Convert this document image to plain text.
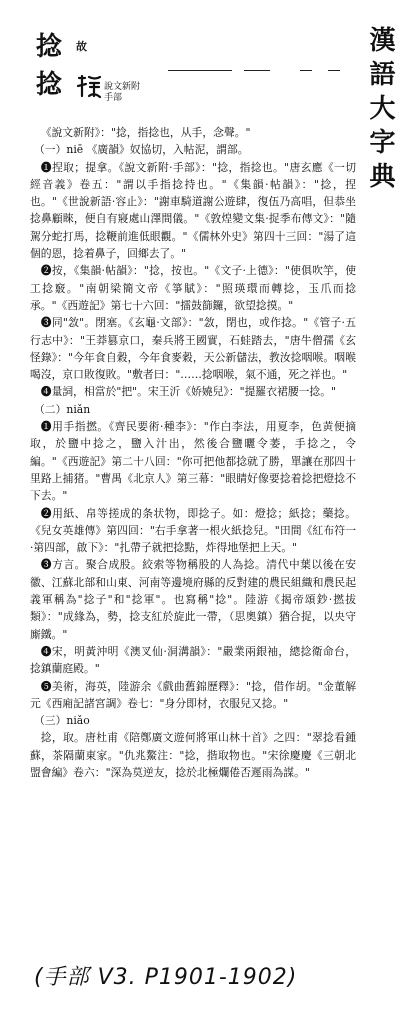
捻 故
捻	說文新附
手部	漢語大字典

《說文新附》："捻，指捻也，从手，念聲。"

（一）niē 《廣韻》奴協切，入帖泥，謂部。

❶捏取；提拿。《說文新附·手部》："捻，指捻也。"唐玄應《一切經音義》卷五："謂以手指捻持也。"《集韻·帖韻》："捻，捏也。"《世說新語·容止》："謝車騎道謝公遊肆，復伍乃高唱，但恭坐捻鼻顧睞，便自有寢處山澤間儀。"《敦煌變文集·捉季布傳文》："隨駕分蛇打馬，捻鞭前進低眼觀。"《儒林外史》第四十三回："湯了這個的恩，捻着鼻子，回鄉去了。"

❷按，《集韻·帖韻》："捻，按也。"《文子·上德》："使俱吹竽，使工捻竅。"南朝梁簡文帝《箏賦》："照瑛環而轉捻，玉爪而捻承。"《西遊記》第七十六回："擂鼓篩鑼，欲望捻摸。"

❸同"敜"。閉塞。《玄龜·文部》："敜，閉也，或作捻。"《管子·五行志中》："王莽篡京口，秦兵將王國實，石蛙踏去，"唐牛僧孺《玄怪錄》："今年食自穀，今年食麥穀，天公新儲法，教汝捻咽喉。咽喉喝沒，京口敗復敗。"敷者曰："……捻咽喉，氣不通，死之祥也。"

❹量詞，相當於"把"。宋王沂《娇嬈兒》："提羅衣裙腰一捻。"

（二）niǎn

❶用手指撚。《齊民要術·種李》："作白李法，用夏李，色黄便摘取，於鹽中捻之，鹽入汁出，然後合鹽曬令萎，手捻之，令編。"《西遊記》第二十八回："你可把他都捻就了勝，單讓在那四十里路上捕猪。"曹禺《北京人》第三幕："眼睛好像要捻着捻把燈捻不下去。"

❷用紙、帛等搓成的条状物，即捻子。如：燈捻；紙捻；藥捻。《兒女英雄傳》第四回："右手拿著一根火紙捻兒。"田間《紅布符一·第四部，啟下》："扎帶子就把捻點，炸得地堡把上天。"

❸方言。聚合成股。絞索等物稱股的人為捻。清代中葉以後在安徽、江蘇北部和山東、河南等邊境府縣的反對建的農民組織和農民起義軍稱為"捻子"和"捻軍"。也寫稱"捻"。陸游《揭帝頌鈔·撚拔類》："成緣為，勢，捻支紅於旋此一帶，（思奧鎮）猶合捉，以央守廝鐵。"

❹宋，明黃沖明《澳叉仙·洞溝韻》："嚴業兩銀袖，總捻衛命台，捻鎮蘭庭殿。"

❺美術，海英，陸游余《戲曲舊錦歷釋》："捻，借作胡。"金董解元《西廂記諸宮調》卷七："身分即材，衣服兒又捻。"

（三）niǎo

捻，取。唐杜甫《陪鄭廣文遊何將軍山林十首》之四："翠捻看鍾蘇，茶隔蘭東家。"仇兆鰲注："捻，揩取物也。"宋徐慶慶《三朝北盟會編》卷六："深為莫逆友，捻於北極爛倦否遲雨為謀。"

(手部 V3. P1901-1902)
